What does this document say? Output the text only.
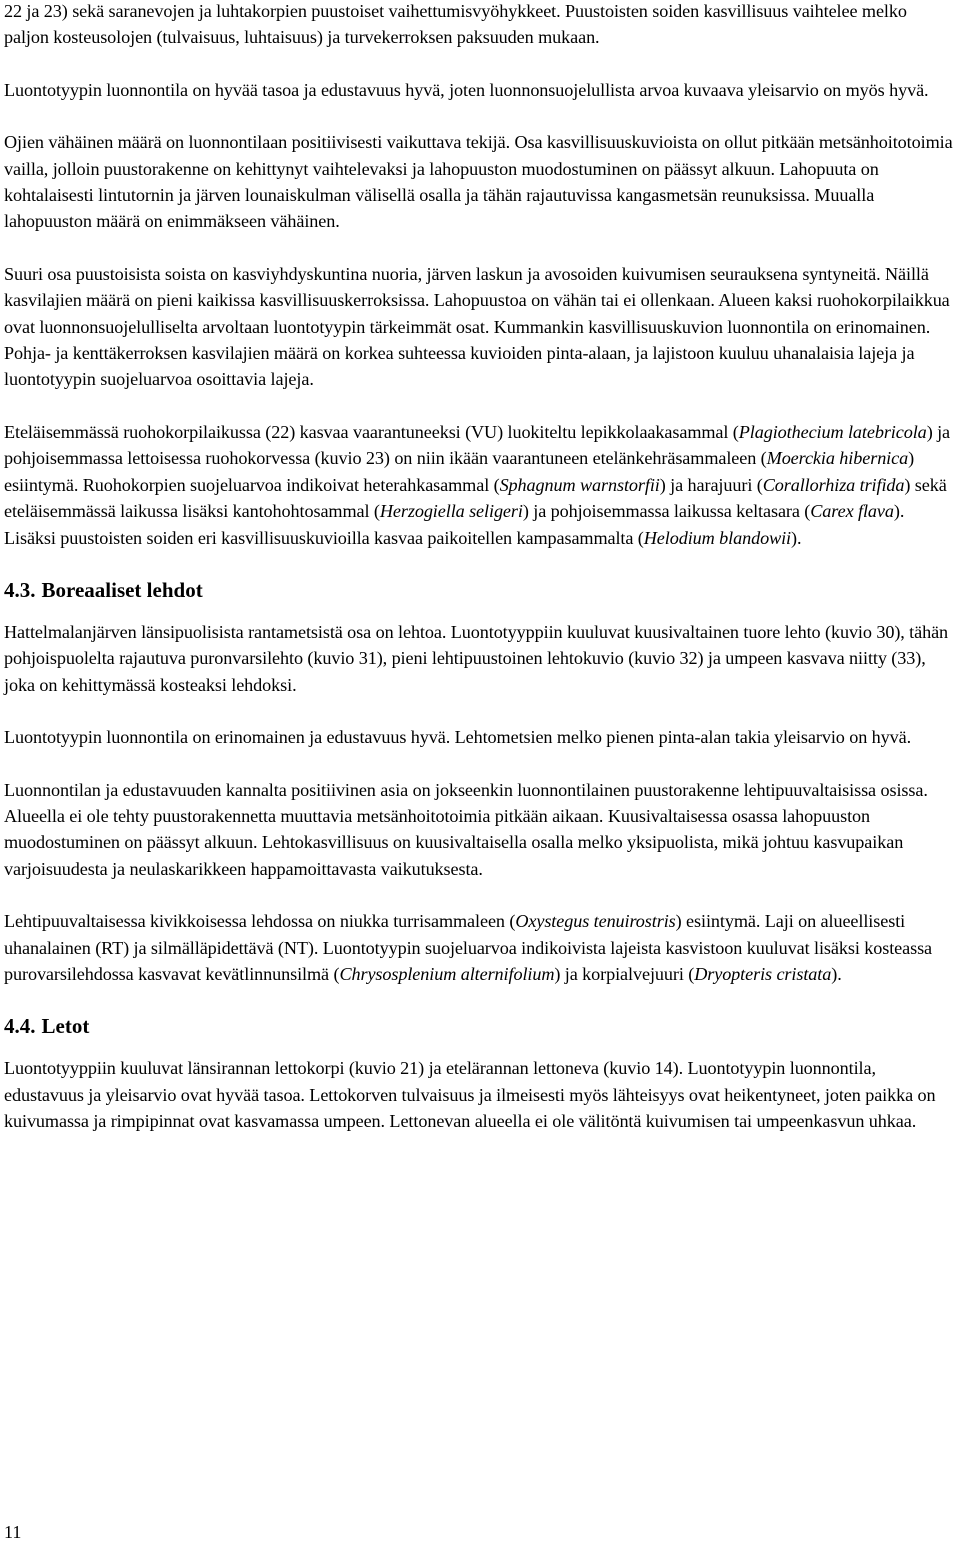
22 ja 23) sekä saranevojen ja luhtakorpien puustoiset vaihettumisvyöhykkeet. Puustoisten soiden kasvillisuus vaihtelee melko paljon kosteusolojen (tulvaisuus, luhtaisuus) ja turvekerroksen paksuuden mukaan.

Luontotyypin luonnontila on hyvää tasoa ja edustavuus hyvä, joten luonnonsuojelullista arvoa kuvaava yleisarvio on myös hyvä.

Ojien vähäinen määrä on luonnontilaan positiivisesti vaikuttava tekijä. Osa kasvillisuuskuvioista on ollut pitkään metsänhoitotoimia vailla, jolloin puustorakenne on kehittynyt vaihtelevaksi ja lahopuuston muodostuminen on päässyt alkuun. Lahopuuta on kohtalaisesti lintutornin ja järven lounaiskulman välisellä osalla ja tähän rajautuvissa kangasmetsän reunuksissa. Muualla lahopuuston määrä on enimmäkseen vähäinen.

Suuri osa puustoisista soista on kasviyhdyskuntina nuoria, järven laskun ja avosoiden kuivumisen seurauksena syntyneitä. Näillä kasvilajien määrä on pieni kaikissa kasvillisuuskerroksissa. Lahopuustoa on vähän tai ei ollenkaan. Alueen kaksi ruohokorpilaikkua ovat luonnonsuojelulliselta arvoltaan luontotyypin tärkeimmät osat. Kummankin kasvillisuuskuvion luonnontila on erinomainen. Pohja- ja kenttäkerroksen kasvilajien määrä on korkea suhteessa kuvioiden pinta-alaan, ja lajistoon kuuluu uhanalaisia lajeja ja luontotyypin suojeluarvoa osoittavia lajeja.

Eteläisemmässä ruohokorpilaikussa (22) kasvaa vaarantuneeksi (VU) luokiteltu lepikkolaakasammal (Plagiothecium latebricola) ja pohjoisemmassa lettoisessa ruohokorvessa (kuvio 23) on niin ikään vaarantuneen etelänkehräsammaleen (Moerckia hibernica) esiintymä. Ruohokorpien suojeluarvoa indikoivat heterahkasammal (Sphagnum warnstorfii) ja harajuuri (Corallorhiza trifida) sekä eteläisemmässä laikussa lisäksi kantohohtosammal (Herzogiella seligeri) ja pohjoisemmassa laikussa keltasara (Carex flava). Lisäksi puustoisten soiden eri kasvillisuuskuvioilla kasvaa paikoitellen kampasammalta (Helodium blandowii).

4.3. Boreaaliset lehdot

Hattelmalanjärven länsipuolisista rantametsistä osa on lehtoa. Luontotyyppiin kuuluvat kuusivaltainen tuore lehto (kuvio 30), tähän pohjoispuolelta rajautuva puronvarsilehto (kuvio 31), pieni lehtipuustoinen lehtokuvio (kuvio 32) ja umpeen kasvava niitty (33), joka on kehittymässä kosteaksi lehdoksi.

Luontotyypin luonnontila on erinomainen ja edustavuus hyvä. Lehtometsien melko pienen pinta-alan takia yleisarvio on hyvä.

Luonnontilan ja edustavuuden kannalta positiivinen asia on jokseenkin luonnontilainen puustorakenne lehtipuuvaltaisissa osissa. Alueella ei ole tehty puustorakennetta muuttavia metsänhoitotoimia pitkään aikaan. Kuusivaltaisessa osassa lahopuuston muodostuminen on päässyt alkuun. Lehtokasvillisuus on kuusivaltaisella osalla melko yksipuolista, mikä johtuu kasvupaikan varjoisuudesta ja neulaskarikkeen happamoittavasta vaikutuksesta.

Lehtipuuvaltaisessa kivikkoisessa lehdossa on niukka turrisammaleen (Oxystegus tenuirostris) esiintymä. Laji on alueellisesti uhanalainen (RT) ja silmälläpidettävä (NT). Luontotyypin suojeluarvoa indikoivista lajeista kasvistoon kuuluvat lisäksi kosteassa purovarsilehdossa kasvavat kevätlinnunsilmä (Chrysosplenium alternifolium) ja korpialvejuuri (Dryopteris cristata).

4.4. Letot

Luontotyyppiin kuuluvat länsirannan lettokorpi (kuvio 21) ja etelärannan lettoneva (kuvio 14). Luontotyypin luonnontila, edustavuus ja yleisarvio ovat hyvää tasoa. Lettokorven tulvaisuus ja ilmeisesti myös lähteisyys ovat heikentyneet, joten paikka on kuivumassa ja rimpipinnat ovat kasvamassa umpeen. Lettonevan alueella ei ole välitöntä kuivumisen tai umpeenkasvun uhkaa.

11
